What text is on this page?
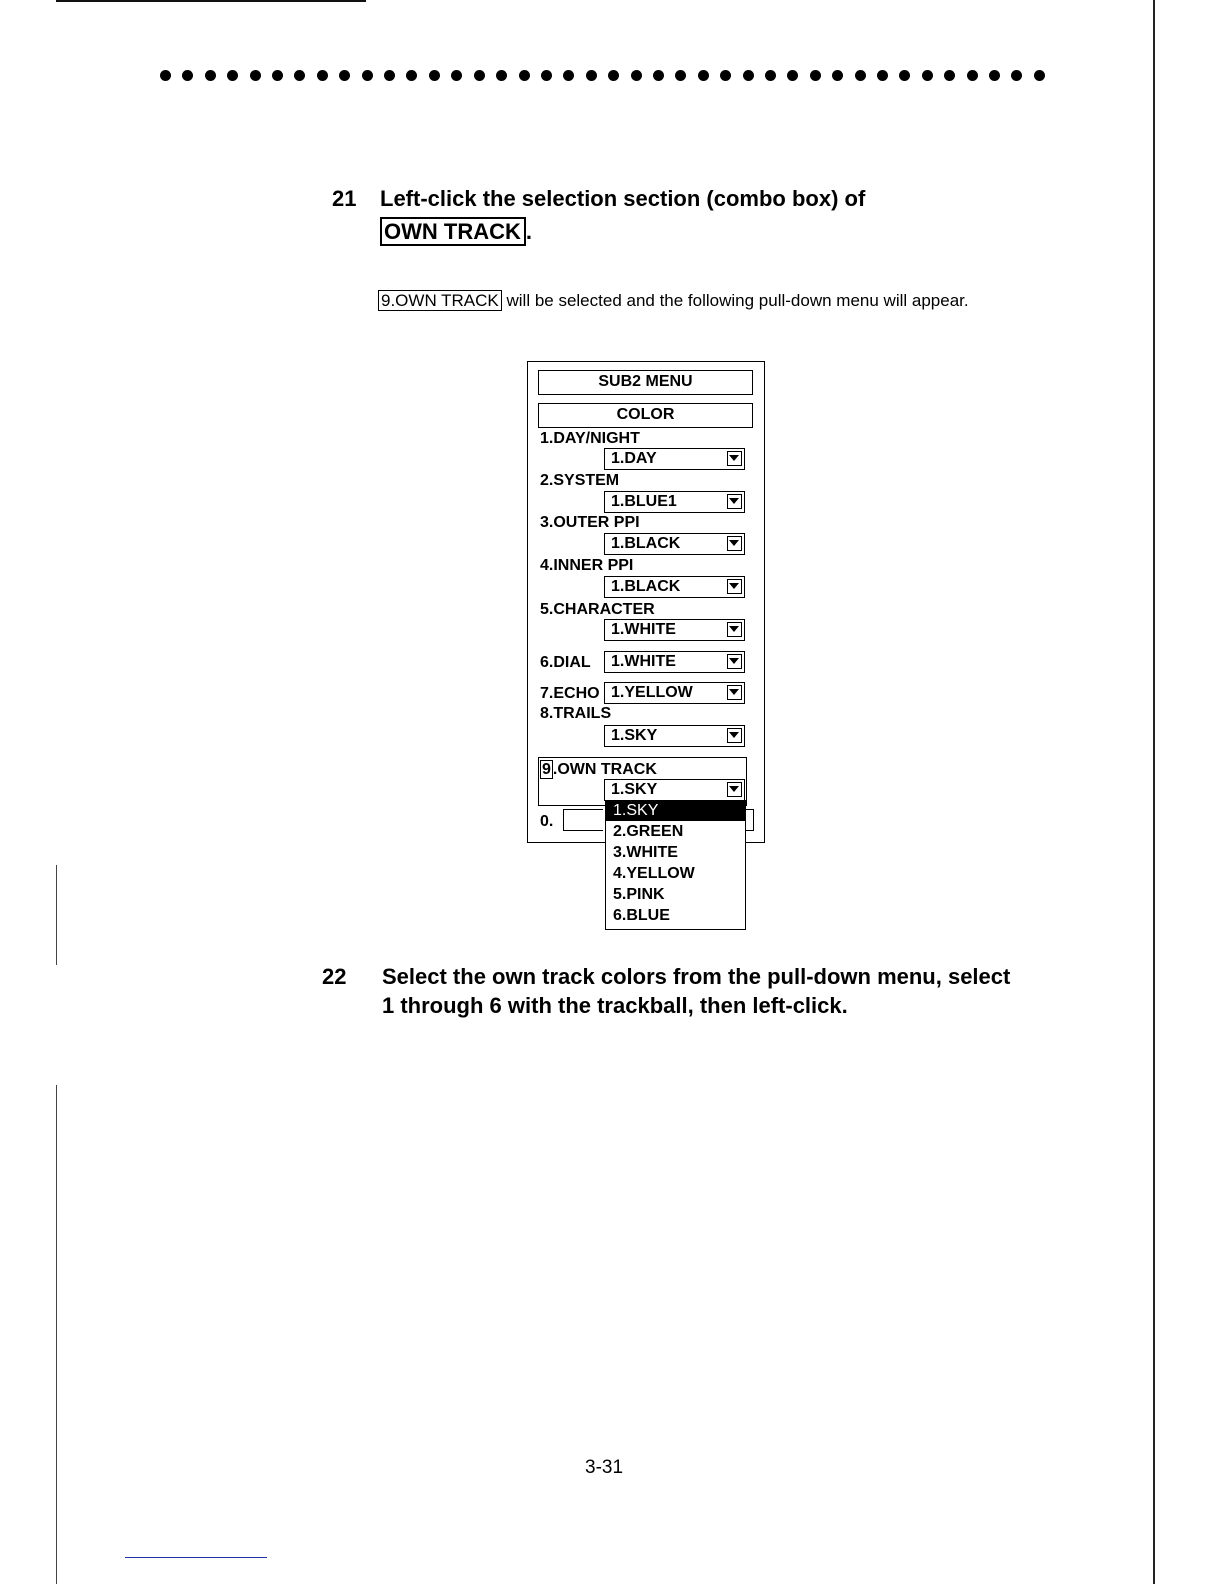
21 Left-click the selection section (combo box) of
OWN TRACK .
9.OWN TRACK will be selected and the following pull-down menu will appear.
SUB2 MENU
COLOR
1.DAY/NIGHT
1.DAY
2.SYSTEM
1.BLUE1
3.OUTER PPI
1.BLACK
4.INNER PPI
1.BLACK
5.CHARACTER
1.WHITE
6.DIAL	1.WHITE
7.ECHO 1.YELLOW
8.TRAILS
1.SKY
9 .OWN TRACK
1.SKY
0.
1.SKY
2.GREEN
3.WHITE
4.YELLOW
5.PINK
6.BLUE
22 Select the own track colors from the pull-down menu, select
1 through 6 with the trackball, then left-click.
3-31
